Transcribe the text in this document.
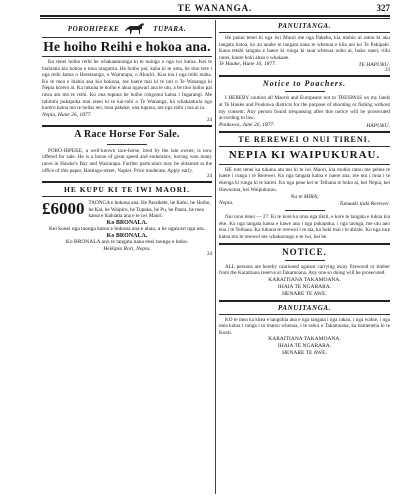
TE WANANGA.	327
POROHIPEKE	TUPARA.
He hoiho Reihi e hokoa ana.

Ko tenei hoiho reihi he whakaaturanga ki te nuinga o nga iwi katoa. Kei te hiahiatia kia hokoa e tona rangatira. He hoiho pai, kaha ki te oma, he tino tere i nga reihi katoa o Heretaunga, o Wairarapa, o Ahuriri. Kua toa i nga reihi maha. Ko te mea e hiahia ana kia hokona, me haere mai ki te tari o Te Wananga ki Nepia korero ai. Ka tukuna te hoiho e ahua ngawari ana te utu, a he tino hoiho pai rawa atu mo te reihi. Ko ona tupuna he hoiho rongonui katoa i Ingarangi. Me tuhituhi pukapuka mai ranei ki te kai-tuhi o Te Wananga, ka whakaaturia nga korero katoa mo te hoiho nei, tona pakeke, ona tupuna, me nga reihi i toa ai ia.

Nepia, Hune 26, 1877.
24
A Race Horse For Sale.

PORO-HIPEKE, a well-known race-horse, bred by the late owner, is now offered for sale. He is a horse of great speed and endurance, having won many races in Hawke's Bay and Wairarapa. Further particulars may be obtained at the office of this paper, Hastings-street, Napier. Price moderate. Apply early.

24
HE KUPU KI TE IWI MAORI.
£6000 TAONGA e hokona ana. He Paraikete, he Kahu, he Hoiho, he Kai, he Waipiro, he Tupeka, he Pu, he Paura, he mea katoa e hiahiatia ana e te iwi Maori.
Ko BRONALA.
Kei konei nga taonga katoa e hokona ana e ahau, a he ngawari nga utu.
Ko BRONALA.
Ko BRONALA ano te tangata nana enei taonga e hoko.
Heikipia Rori, Nepia.
24
PANUITANGA.

He panui tenei ki nga iwi Maori me nga Pakeha, kia mohio ai ratou ki aku tangata katoa, ko au anake te tangata nana te whenua e kiia nei ko Te Pakipaki. Kaua tetahi tangata e haere ki runga ki taua whenua noho ai, hoko ranei, riihi ranei, kaore hoki ahau e whakaae.

Te Hauke, Hune 16, 1877.	TE HAPUKU.
23
Notice to Poachers.

I HEREBY caution all Maoris and Europeans not to TRESPASS on my lands at Te Hauke and Poukawa districts for the purpose of shooting or fishing without my consent. Any person found trespassing after this notice will be prosecuted according to law.

Poukawa, June 26, 1877.	HAPUKU.
TE REREWEI O NUI TIRENI.
NEPIA KI WAIPUKURAU.

HE ture tenei ka tukuna atu nei ki te iwi Maori, kia mohio ratou me pehea te haere i runga i te Rerewei. Ko nga tangata katoa e haere ana, me utu i mua i te ekenga ki runga ki te kareti. Ko nga pene kei te Teihana te hoko ai, kei Nepia, kei Haworana, kei Waipukurau.

Na te MIRA,
Nepia.	Tumuaki tiaki Rerewei.

Nui tonu tenei — 27. Ki te kore ka utua nga tikiti, e kore te tangata e tukua kia eke. Ko nga tangata katoa e kawe ana i nga pukapuka, i nga taonga, me utu ano ena i te Teihana. Ka tukuna te rerewei i te ata, ka hoki mai i te ahiahi. Ko nga ture katoa mo te rerewei me whakarongo e te iwi, kei he.

NOTICE.

ALL persons are hereby cautioned against carrying away firewood or timber from the Karaitiana reserve at Takamoana. Any one so doing will be prosecuted.

KARAITIANA TAKAMOANA.
IHAIA TE NGARARA.
HENARE TE AWE.
PANUITANGA.

KO te mea ka kitea e tangohia ana e nga tangata i nga rakau, i nga wahie, i nga mea katoa i runga i to matou whenua, i te rahui o Takamoana, ka hamenetia ki te Kooti.

KARAITIANA TAKAMOANA.
IHAIA TE NGARARA.
HENARE TE AWE.
